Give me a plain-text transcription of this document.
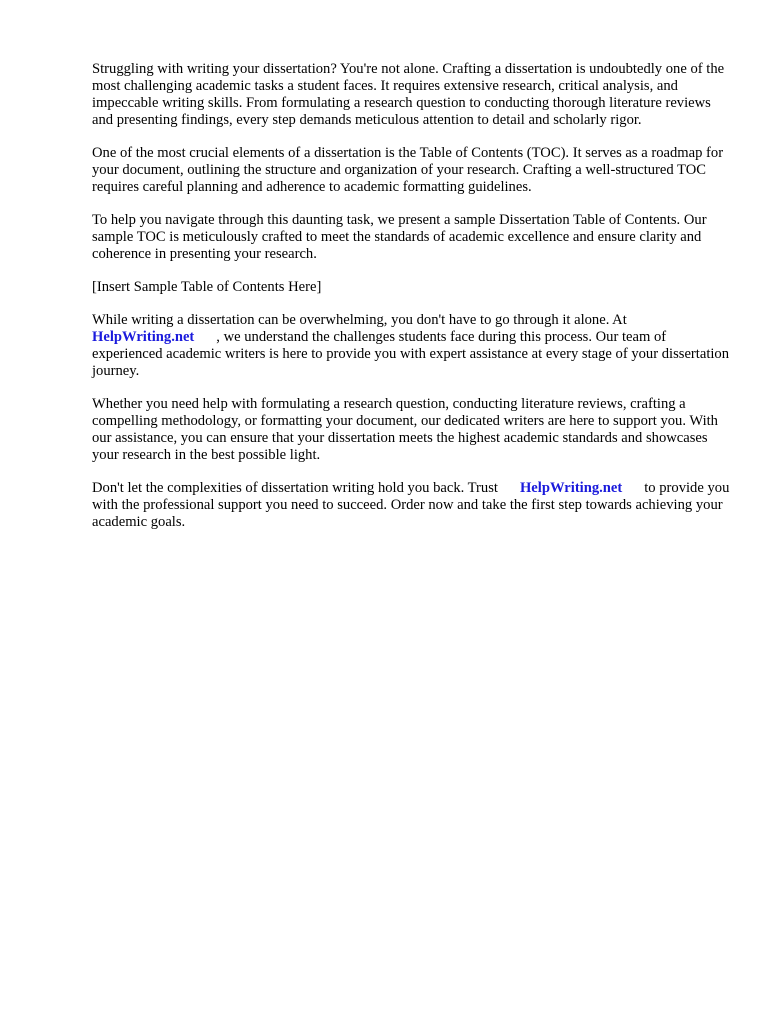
Struggling with writing your dissertation? You're not alone. Crafting a dissertation is undoubtedly one of the most challenging academic tasks a student faces. It requires extensive research, critical analysis, and impeccable writing skills. From formulating a research question to conducting thorough literature reviews and presenting findings, every step demands meticulous attention to detail and scholarly rigor.

One of the most crucial elements of a dissertation is the Table of Contents (TOC). It serves as a roadmap for your document, outlining the structure and organization of your research. Crafting a well-structured TOC requires careful planning and adherence to academic formatting guidelines.

To help you navigate through this daunting task, we present a sample Dissertation Table of Contents. Our sample TOC is meticulously crafted to meet the standards of academic excellence and ensure clarity and coherence in presenting your research.

[Insert Sample Table of Contents Here]

While writing a dissertation can be overwhelming, you don't have to go through it alone. At
HelpWriting.net , we understand the challenges students face during this process. Our team of experienced academic writers is here to provide you with expert assistance at every stage of your dissertation journey.

Whether you need help with formulating a research question, conducting literature reviews, crafting a compelling methodology, or formatting your document, our dedicated writers are here to support you. With our assistance, you can ensure that your dissertation meets the highest academic standards and showcases your research in the best possible light.

Don't let the complexities of dissertation writing hold you back. Trust HelpWriting.net to provide you with the professional support you need to succeed. Order now and take the first step towards achieving your academic goals.
